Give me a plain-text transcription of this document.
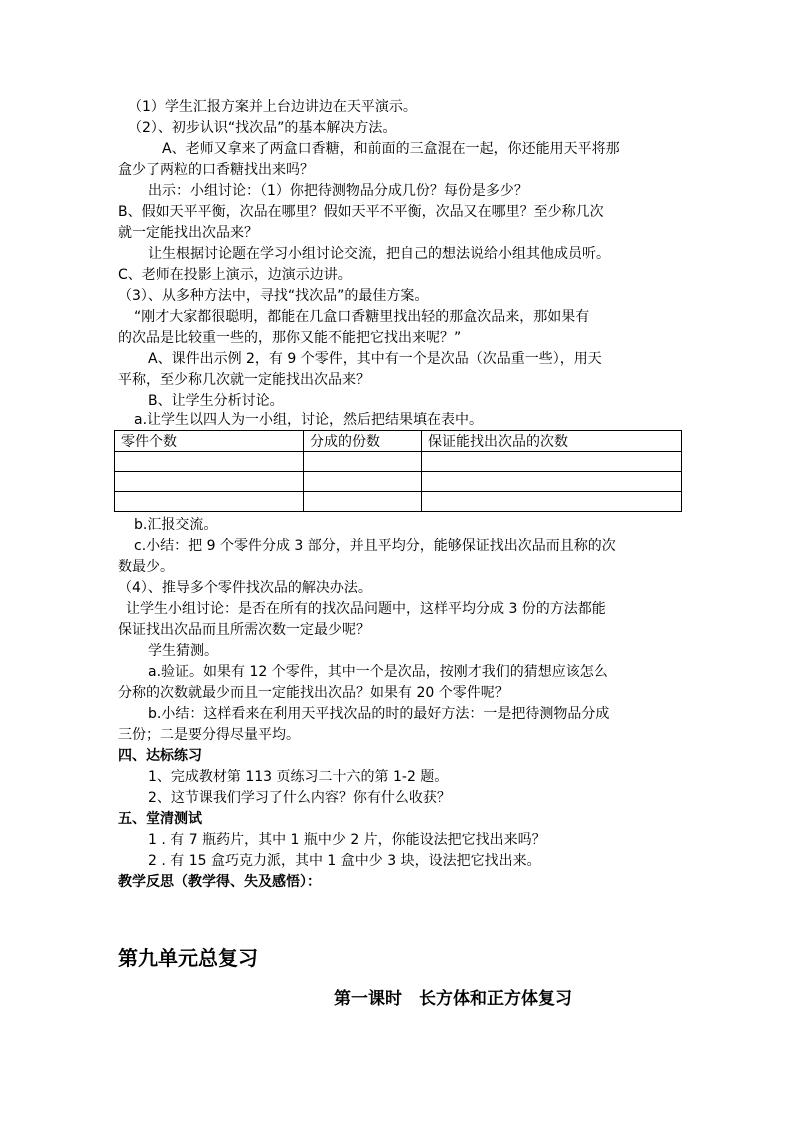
（1）学生汇报方案并上台边讲边在天平演示。
（2）、初步认识“找次品”的基本解决方法。
A、老师又拿来了两盒口香糖，和前面的三盒混在一起，你还能用天平将那
盒少了两粒的口香糖找出来吗？
出示：小组讨论：（1）你把待测物品分成几份？每份是多少？
B、假如天平平衡，次品在哪里？假如天平不平衡，次品又在哪里？至少称几次
就一定能找出次品来？
让生根据讨论题在学习小组讨论交流，把自己的想法说给小组其他成员听。
C、老师在投影上演示，边演示边讲。
（3）、从多种方法中，寻找“找次品”的最佳方案。
“刚才大家都很聪明，都能在几盒口香糖里找出轻的那盒次品来，那如果有
的次品是比较重一些的，那你又能不能把它找出来呢？”
A、课件出示例 2，有 9 个零件，其中有一个是次品（次品重一些），用天
平称，至少称几次就一定能找出次品来？
B、让学生分析讨论。
a.让学生以四人为一小组，讨论，然后把结果填在表中。
零件个数	分成的份数	保证能找出次品的次数

b.汇报交流。
c.小结：把 9 个零件分成 3 部分，并且平均分，能够保证找出次品而且称的次
数最少。
（4）、推导多个零件找次品的解决办法。
让学生小组讨论：是否在所有的找次品问题中，这样平均分成 3 份的方法都能
保证找出次品而且所需次数一定最少呢？
学生猜测。
a.验证。如果有 12 个零件，其中一个是次品，按刚才我们的猜想应该怎么
分称的次数就最少而且一定能找出次品？如果有 20 个零件呢？
b.小结：这样看来在利用天平找次品的时的最好方法：一是把待测物品分成
三份；二是要分得尽量平均。
四、达标练习
1、完成教材第 113 页练习二十六的第 1-2 题。
2、这节课我们学习了什么内容？你有什么收获？
五、堂清测试
1 . 有 7 瓶药片，其中 1 瓶中少 2 片，你能设法把它找出来吗？
2 . 有 15 盒巧克力派，其中 1 盒中少 3 块，设法把它找出来。
教学反思（教学得、失及感悟）：
第九单元总复习
第一课时　长方体和正方体复习
